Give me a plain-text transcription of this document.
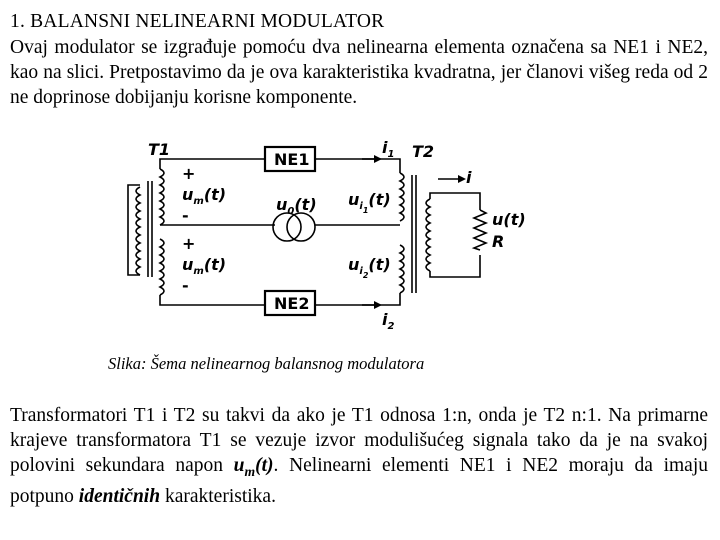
1. BALANSNI NELINEARNI MODULATOR
Ovaj modulator se izgrađuje pomoću dva nelinearna elementa označena sa NE1 i NE2, kao na slici. Pretpostavimo da je ova karakteristika kvadratna, jer članovi višeg reda od 2 ne doprinose dobijanju korisne komponente.
T1	T2
NE1
NE2
$i_1$
$i_2$
$u_m(t)$
$u_m(t)$
$u_0(t)$ $u_{i1}(t)$
$u_{i2}(t)$
i
u(t)
R
+
-
+
-
Slika: Šema nelinearnog balansnog modulatora
Transformatori T1 i T2 su takvi da ako je T1 odnosa 1:n, onda je T2 n:1. Na primarne krajeve transformatora T1 se vezuje izvor modulišućeg signala tako da je na svakoj polovini sekundara napon $u_m(t)$. Nelinearni elementi NE1 i NE2 moraju da imaju potpuno identičnih karakteristika.
